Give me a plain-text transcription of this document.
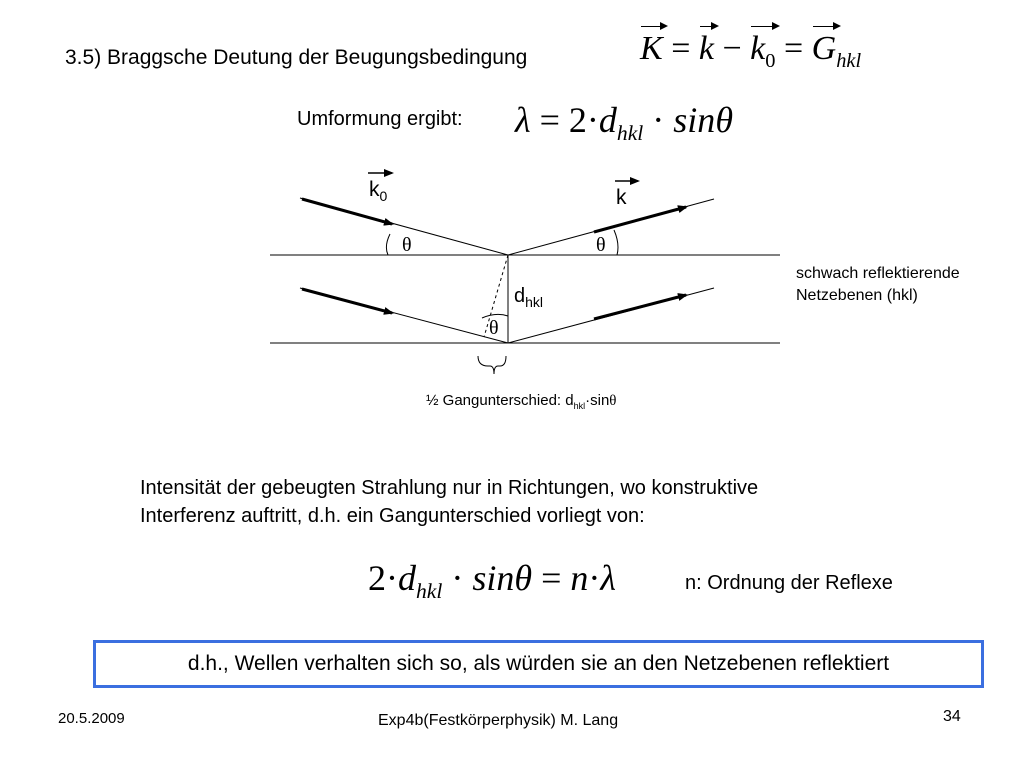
3.5) Braggsche Deutung der Beugungsbedingung	$K = k - k_0 = G_{hkl}$
Umformung ergibt: $\lambda = 2\cdot d_{hkl} \cdot \sin\theta$
$k_0$	k
θ	θ
θ
$d_{hkl}$
schwach reflektierende
Netzebenen (hkl)
½ Gangunterschied: $d_{hkl}\cdot\sin\theta$
Intensität der gebeugten Strahlung nur in Richtungen, wo konstruktive
Interferenz auftritt, d.h. ein Gangunterschied vorliegt von:
$2\cdot d_{hkl} \cdot \sin\theta = n\cdot\lambda$	n: Ordnung der Reflexe
d.h., Wellen verhalten sich so, als würden sie an den Netzebenen reflektiert
20.5.2009	Exp4b(Festkörperphysik) M. Lang	34
